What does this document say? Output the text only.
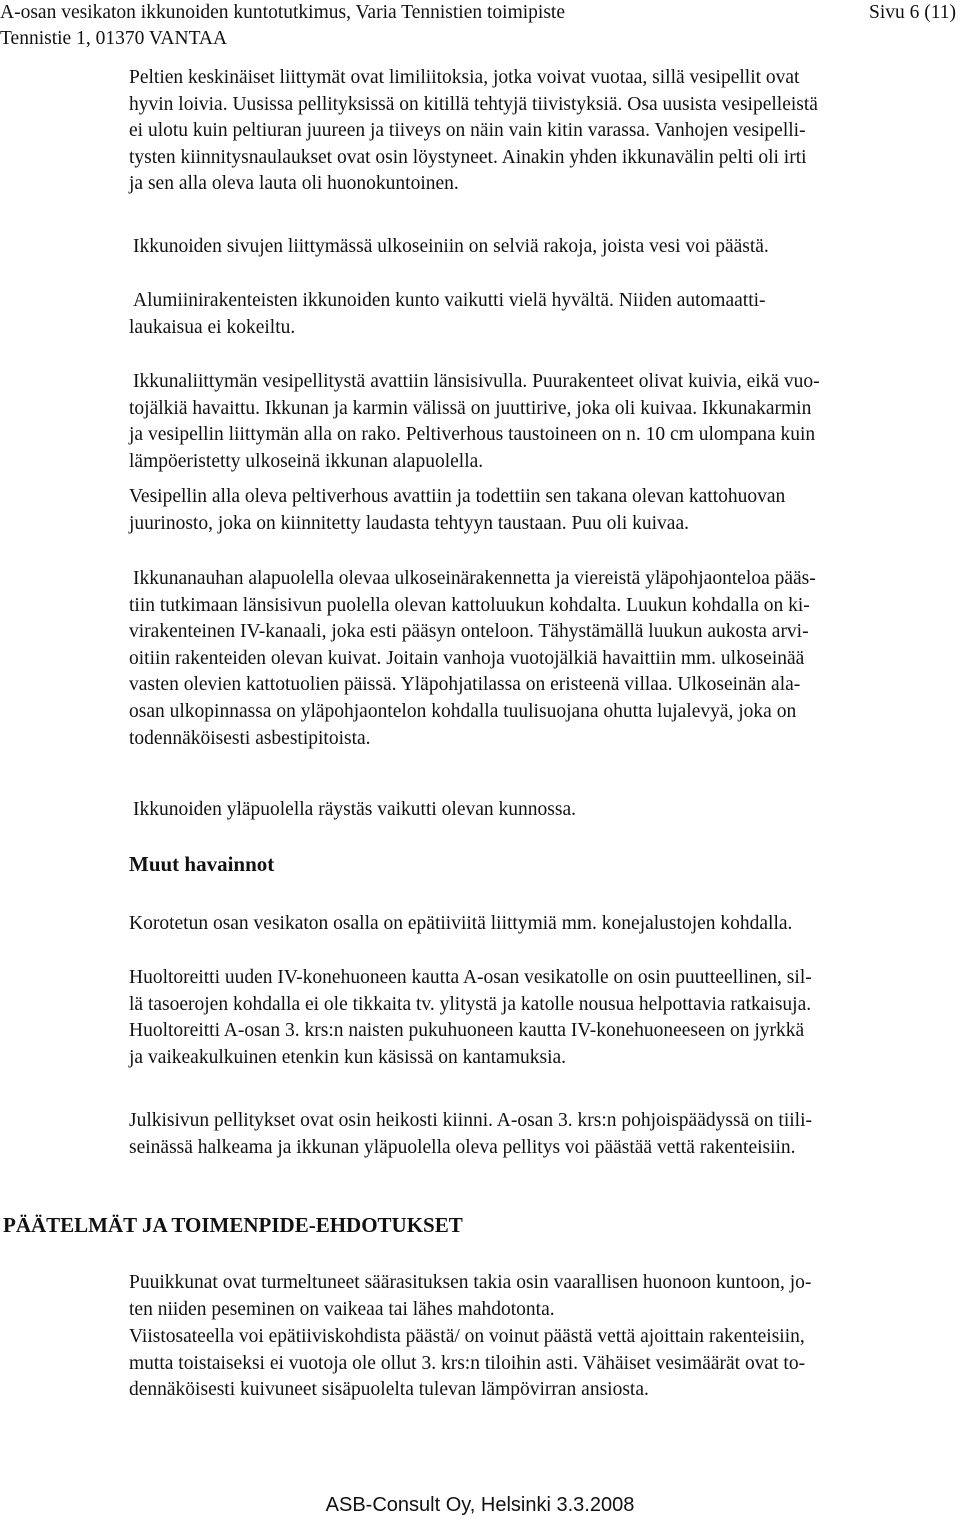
A-osan vesikaton ikkunoiden kuntotutkimus, Varia Tennistien toimipiste
Tennistie 1, 01370 VANTAA
Sivu 6 (11)
Peltien keskinäiset liittymät ovat limiliitoksia, jotka voivat vuotaa, sillä vesipellit ovat
hyvin loivia. Uusissa pellityksissä on kitillä tehtyjä tiivistyksiä. Osa uusista vesipelleistä
ei ulotu kuin peltiuran juureen ja tiiveys on näin vain kitin varassa. Vanhojen vesipelli-
tysten kiinnitysnaulaukset ovat osin löystyneet. Ainakin yhden ikkunavälin pelti oli irti
ja sen alla oleva lauta oli huonokuntoinen.
Ikkunoiden sivujen liittymässä ulkoseiniin on selviä rakoja, joista vesi voi päästä.
Alumiinirakenteisten ikkunoiden kunto vaikutti vielä hyvältä. Niiden automaatti-
laukaisua ei kokeiltu.
Ikkunaliittymän vesipellitystä avattiin länsisivulla. Puurakenteet olivat kuivia, eikä vuo-
tojälkiä havaittu. Ikkunan ja karmin välissä on juuttirive, joka oli kuivaa. Ikkunakarmin
ja vesipellin liittymän alla on rako. Peltiverhous taustoineen on n. 10 cm ulompana kuin
lämpöeristetty ulkoseinä ikkunan alapuolella.
Vesipellin alla oleva peltiverhous avattiin ja todettiin sen takana olevan kattohuovan
juurinosto, joka on kiinnitetty laudasta tehtyyn taustaan. Puu oli kuivaa.
Ikkunanauhan alapuolella olevaa ulkoseinärakennetta ja viereistä yläpohjaonteloa pääs-
tiin tutkimaan länsisivun puolella olevan kattoluukun kohdalta. Luukun kohdalla on ki-
virakenteinen IV-kanaali, joka esti pääsyn onteloon. Tähystämällä luukun aukosta arvi-
oitiin rakenteiden olevan kuivat. Joitain vanhoja vuotojälkiä havaittiin mm. ulkoseinää
vasten olevien kattotuolien päissä. Yläpohjatilassa on eristeenä villaa. Ulkoseinän ala-
osan ulkopinnassa on yläpohjaontelon kohdalla tuulisuojana ohutta lujalevyä, joka on
todennäköisesti asbestipitoista.
Ikkunoiden yläpuolella räystäs vaikutti olevan kunnossa.
Muut havainnot
Korotetun osan vesikaton osalla on epätiiviitä liittymiä mm. konejalustojen kohdalla.
Huoltoreitti uuden IV-konehuoneen kautta A-osan vesikatolle on osin puutteellinen, sil-
lä tasoerojen kohdalla ei ole tikkaita tv. ylitystä ja katolle nousua helpottavia ratkaisuja.
Huoltoreitti A-osan 3. krs:n naisten pukuhuoneen kautta IV-konehuoneeseen on jyrkkä
ja vaikeakulkuinen etenkin kun käsissä on kantamuksia.
Julkisivun pellitykset ovat osin heikosti kiinni. A-osan 3. krs:n pohjoispäädyssä on tiili-
seinässä halkeama ja ikkunan yläpuolella oleva pellitys voi päästää vettä rakenteisiin.
PÄÄTELMÄT JA TOIMENPIDE-EHDOTUKSET
Puuikkunat ovat turmeltuneet säärasituksen takia osin vaarallisen huonoon kuntoon, jo-
ten niiden peseminen on vaikeaa tai lähes mahdotonta.
Viistosateella voi epätiiviskohdista päästä/ on voinut päästä vettä ajoittain rakenteisiin,
mutta toistaiseksi ei vuotoja ole ollut 3. krs:n tiloihin asti. Vähäiset vesimäärät ovat to-
dennäköisesti kuivuneet sisäpuolelta tulevan lämpövirran ansiosta.
ASB-Consult Oy, Helsinki 3.3.2008
